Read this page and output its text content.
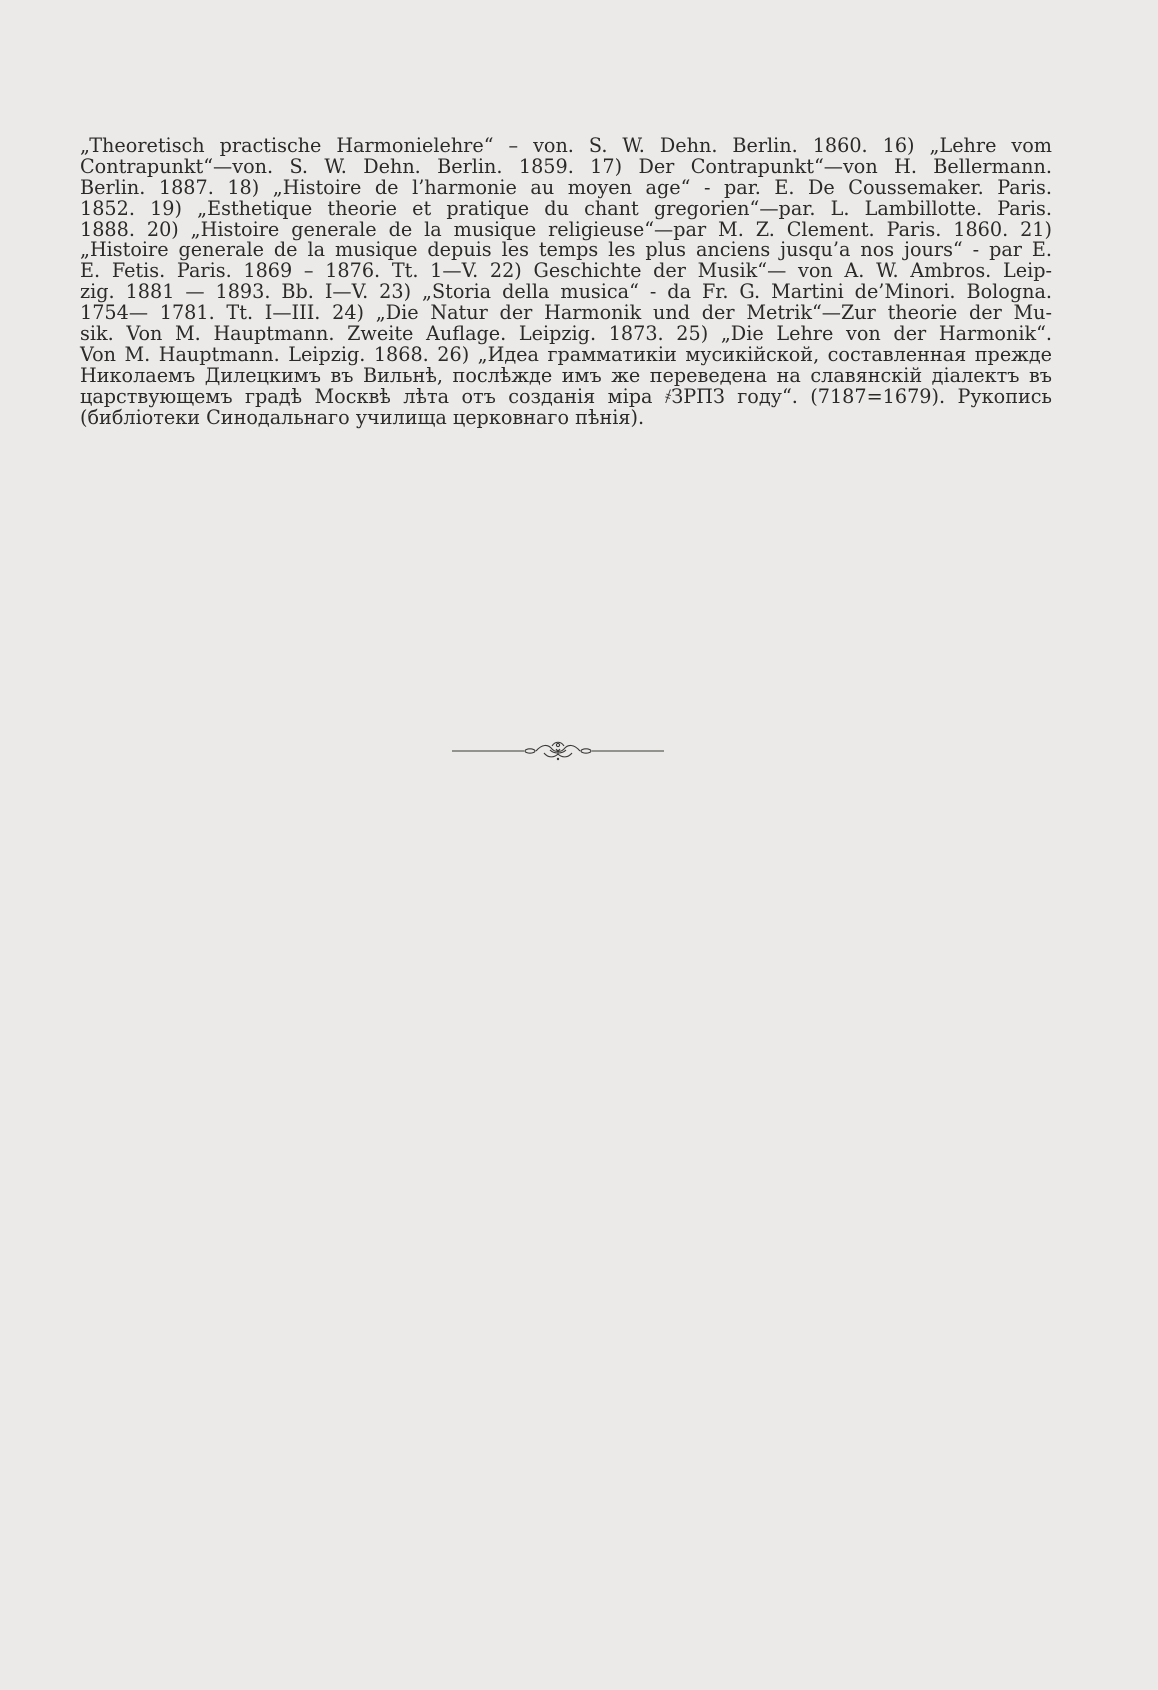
„Theoretisch practische Harmonielehre“ – von. S. W. Dehn. Berlin. 1860. 16) „Lehre vom
Contrapunkt“—von. S. W. Dehn. Berlin. 1859. 17) Der Contrapunkt“—von H. Bellermann.
Berlin. 1887. 18) „Histoire de l’harmonie au moyen age“ - par. E. De Coussemaker. Paris.
1852. 19) „Esthetique theorie et pratique du chant gregorien“—par. L. Lambillotte. Paris.
1888. 20) „Histoire generale de la musique religieuse“—par M. Z. Clement. Paris. 1860. 21)
„Histoire generale de la musique depuis les temps les plus anciens jusqu’a nos jours“ - par E.
E. Fetis. Paris. 1869 – 1876. Tt. 1—V. 22) Geschichte der Musik“— von A. W. Ambros. Leip-
zig. 1881 — 1893. Bb. I—V. 23) „Storia della musica“ - da Fr. G. Martini de’Minori. Bologna.
1754— 1781. Tt. I—III. 24) „Die Natur der Harmonik und der Metrik“—Zur theorie der Mu-
sik. Von M. Hauptmann. Zweite Auflage. Leipzig. 1873. 25) „Die Lehre von der Harmonik“.
Von M. Hauptmann. Leipzig. 1868. 26) „Идеа грамматикiи мусикiйской, составленная прежде
Николаемъ Дилецкимъ въ Вильнѣ, послѣжде имъ же переведена на славянскiй дiалектъ въ
царствующемъ градѣ Москвѣ лѣта отъ созданiя мiра ҂ЗРПЗ году“. (7187=1679). Рукопись
(библiотеки Синодальнаго училища церковнаго пѣнiя).
